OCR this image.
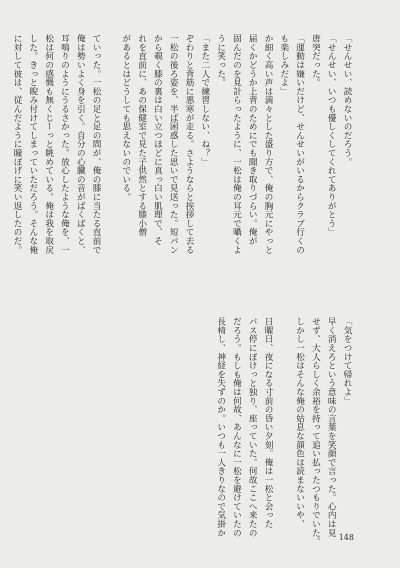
「せんせい、読めないのだろう。
「せんせい、いつも優しくしてくれてありがとう」
唐突だった。
「運動は嫌いだけど、せんせいがいるからクラブ行くの
も楽しみだよ」
か細く高い声は満々とした盛り方で、俺の胸元にやっと
届くかどうか上背のためにでも聞き取りづらい。俺が
固んだのを見計らったように、一松は俺の耳元で囁くよ
うに笑った。
「また二人で練習しない、ね？」
ぞわりと背筋に悪寒が走る。さようならと挨拶して去る
一松の後ろ姿を、半ば困惑した思いで見送った。短パン
から覗く膝の裏は白い立つほどに真っ白い肌理で、そ
れを直前に、あの保健室で見た子供然とする膝小僧
があるとはどうしても思えないのでいる。
ていった。一松の足と足の間が、俺の膝に当たる直前で
俺は勢いよく身を引く。自分の心臓の音がばくばくと、
耳鳴りのようにうるさかった。放心したような俺を、一
松は何の感慨も無くじーっと眺めている。俺は我を取戻
した。きっと睨み付けてしまっていただろう。そんな俺
に対して彼は、従んだように瞳ぼげに笑い返したのだ。

「気をつけて帰れよ」
早く消えろという意味の言葉を笑顔で言った。心内は見
せず、大人らしく余裕を持って追い払ったつもりでいた。
しかし一松はそんな俺の姑息な顔色は読まないいや、

日曜日、夜になる寸前の昏い夕刻。俺は一松と会った
バス停にぼけっと独り、座っていた。何故ここへ来たの
だろう。もしも俺は何故、あんなに一松を避けていたの
長椅し、神経を失ずのか。いつも一人きりなので気掛か
148
